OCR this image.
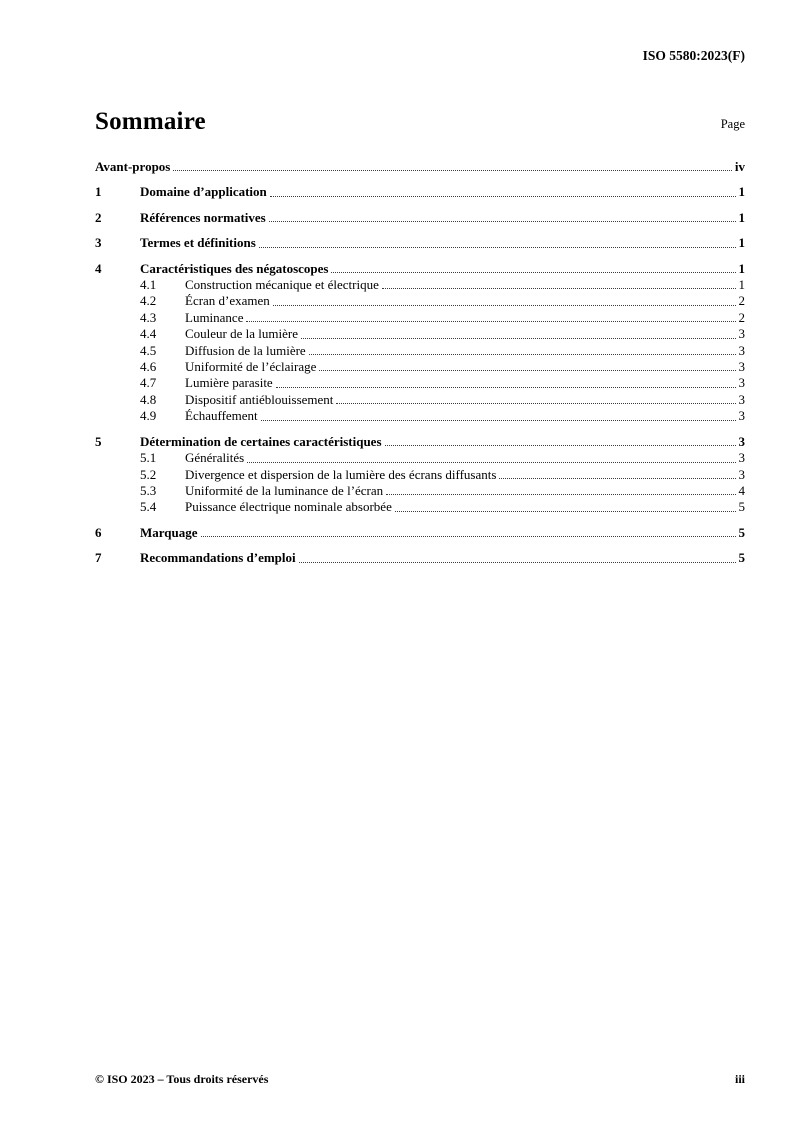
ISO 5580:2023(F)
Sommaire	Page
Avant-propos	iv
1	Domaine d’application	1
2	Références normatives	1
3	Termes et définitions	1
4	Caractéristiques des négatoscopes	1
4.1	Construction mécanique et électrique	1
4.2	Écran d’examen	2
4.3	Luminance	2
4.4	Couleur de la lumière	3
4.5	Diffusion de la lumière	3
4.6	Uniformité de l’éclairage	3
4.7	Lumière parasite	3
4.8	Dispositif antiéblouissement	3
4.9	Échauffement	3
5	Détermination de certaines caractéristiques	3
5.1	Généralités	3
5.2	Divergence et dispersion de la lumière des écrans diffusants	3
5.3	Uniformité de la luminance de l’écran	4
5.4	Puissance électrique nominale absorbée	5
6	Marquage	5
7	Recommandations d’emploi	5
© ISO 2023 – Tous droits réservés	iii
